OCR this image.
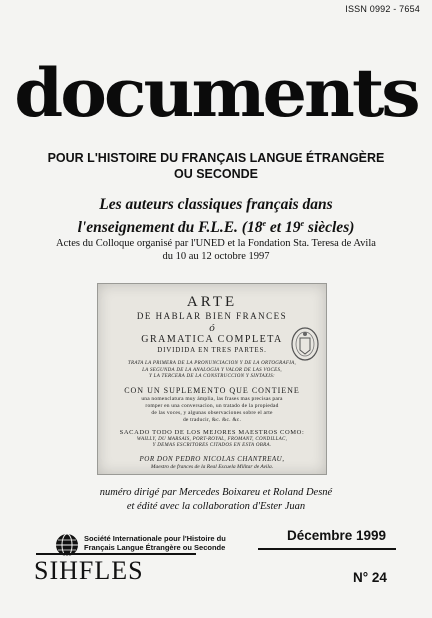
ISSN 0992 - 7654
documents
POUR L'HISTOIRE DU FRANÇAIS LANGUE ÉTRANGÈRE
OU SECONDE
Les auteurs classiques français dans
l'enseignement du F.L.E. (18e et 19e siècles)
Actes du Colloque organisé par l'UNED et la Fondation Sta. Teresa de Avila
du 10 au 12 octobre 1997
ARTE
DE HABLAR BIEN FRANCES
ó
GRAMATICA COMPLETA
DIVIDIDA EN TRES PARTES.
TRATA LA PRIMERA DE LA PRONUNCIACION Y DE LA ORTOGRAFIA,
LA SEGUNDA DE LA ANALOGIA Y VALOR DE LAS VOCES,
Y LA TERCERA DE LA CONSTRUCCION Y SINTAXIS:
CON UN SUPLEMENTO QUE CONTIENE
una nomenclatura muy ámplia, las frases mas precisas para
romper en una conversacion, un tratado de la propiedad
de las voces, y algunas observaciones sobre el arte
de traducir, &c. &c. &c.
SACADO TODO DE LOS MEJORES MAESTROS COMO:
WAILLY, DU MARSAIS, PORT-ROYAL, FROMANT, CONDILLAC,
Y DEMAS ESCRITORES CITADOS EN ESTA OBRA.
POR DON PEDRO NICOLAS CHANTREAU,
Maestro de frances de la Real Escuela Militar de Avila.
numéro dirigé par Mercedes Boixareu et Roland Desné
et édité avec la collaboration d'Ester Juan
Société Internationale pour l'Histoire du
Français Langue Étrangère ou Seconde
SIHFLES
Décembre 1999
N° 24
